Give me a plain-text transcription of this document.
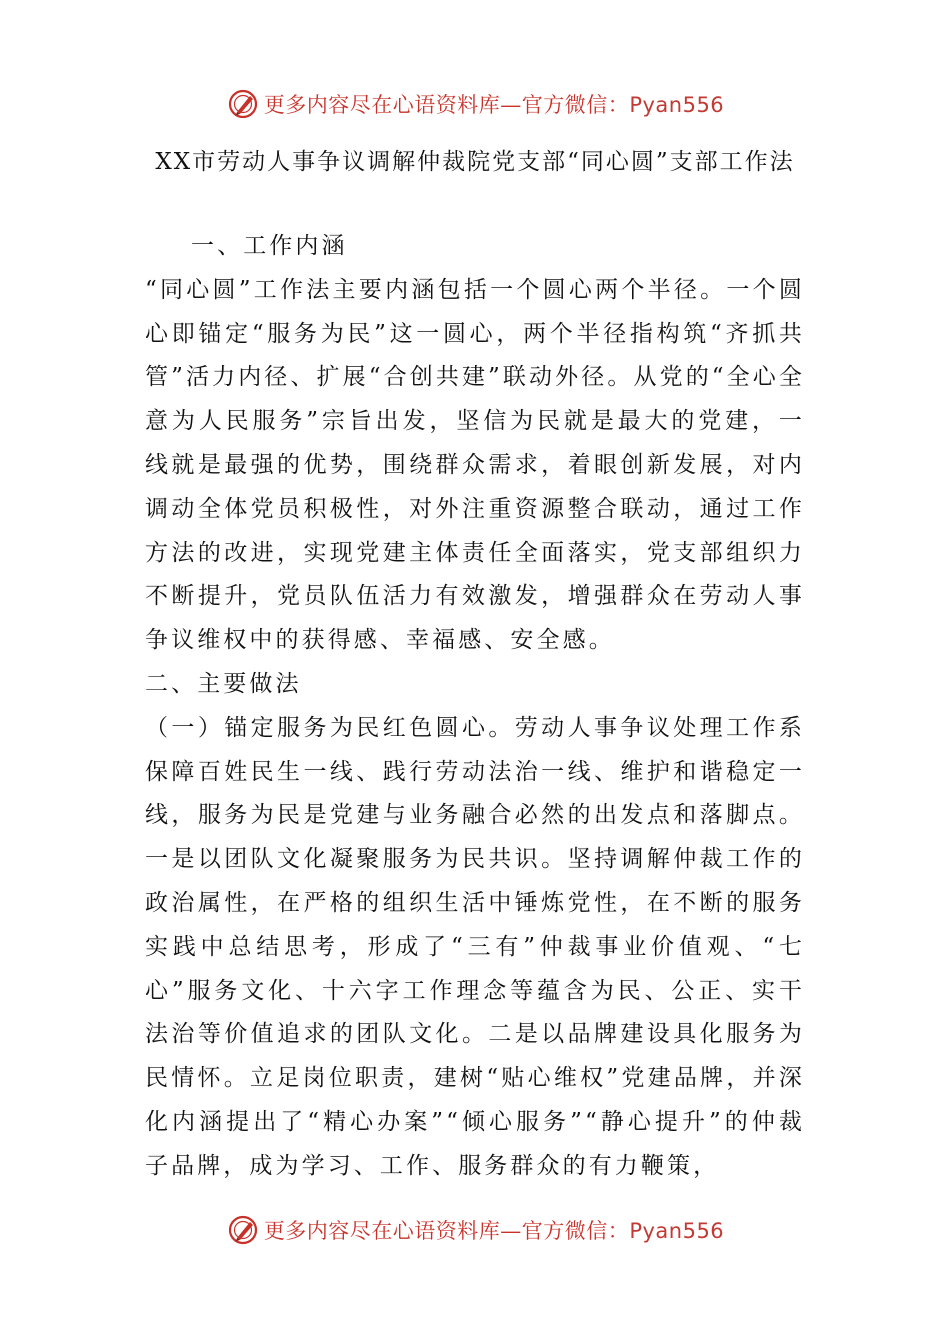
更多内容尽在心语资料库—官方微信：Pyan556
XX市劳动人事争议调解仲裁院党支部“同心圆”支部工作法

一、工作内涵

“同心圆”工作法主要内涵包括一个圆心两个半径。一个圆心即锚定“服务为民”这一圆心，两个半径指构筑“齐抓共管”活力内径、扩展“合创共建”联动外径。从党的“全心全意为人民服务”宗旨出发，坚信为民就是最大的党建，一线就是最强的优势，围绕群众需求，着眼创新发展，对内调动全体党员积极性，对外注重资源整合联动，通过工作方法的改进，实现党建主体责任全面落实，党支部组织力不断提升，党员队伍活力有效激发，增强群众在劳动人事争议维权中的获得感、幸福感、安全感。

二、主要做法

（一）锚定服务为民红色圆心。劳动人事争议处理工作系保障百姓民生一线、践行劳动法治一线、维护和谐稳定一线，服务为民是党建与业务融合必然的出发点和落脚点。一是以团队文化凝聚服务为民共识。坚持调解仲裁工作的政治属性，在严格的组织生活中锤炼党性，在不断的服务实践中总结思考，形成了“三有”仲裁事业价值观、“七心”服务文化、十六字工作理念等蕴含为民、公正、实干法治等价值追求的团队文化。二是以品牌建设具化服务为民情怀。立足岗位职责，建树“贴心维权”党建品牌，并深化内涵提出了“精心办案”“倾心服务”“静心提升”的仲裁子品牌，成为学习、工作、服务群众的有力鞭策，

更多内容尽在心语资料库—官方微信：Pyan556
